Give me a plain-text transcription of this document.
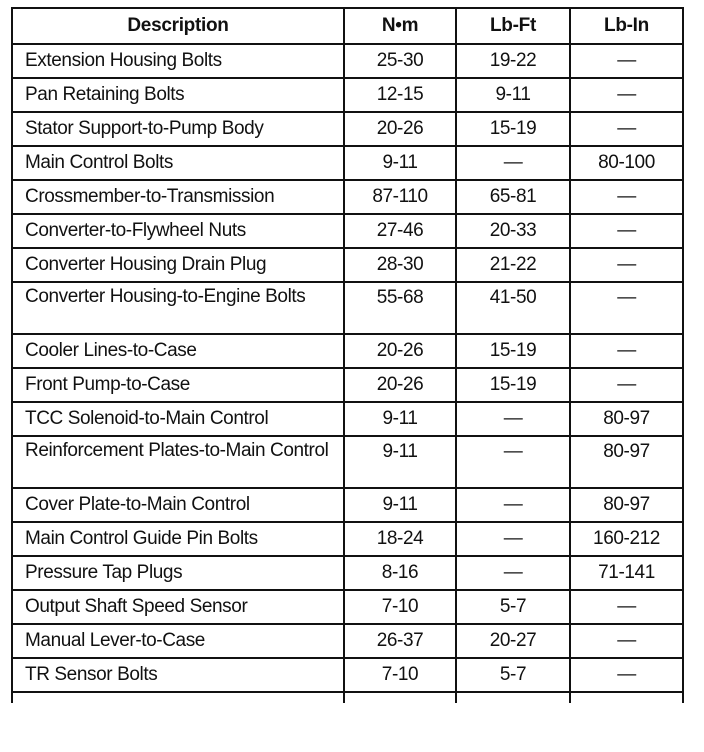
Description	N•m	Lb-Ft	Lb-In
Extension Housing Bolts	25-30	19-22	—
Pan Retaining Bolts	12-15	9-11	—
Stator Support-to-Pump Body	20-26	15-19	—
Main Control Bolts	9-11	—	80-100
Crossmember-to-Transmission	87-110	65-81	—
Converter-to-Flywheel Nuts	27-46	20-33	—
Converter Housing Drain Plug	28-30	21-22	—
Converter Housing-to-Engine Bolts	55-68	41-50	—
Cooler Lines-to-Case	20-26	15-19	—
Front Pump-to-Case	20-26	15-19	—
TCC Solenoid-to-Main Control	9-11	—	80-97
Reinforcement Plates-to-Main Control	9-11	—	80-97
Cover Plate-to-Main Control	9-11	—	80-97
Main Control Guide Pin Bolts	18-24	—	160-212
Pressure Tap Plugs	8-16	—	71-141
Output Shaft Speed Sensor	7-10	5-7	—
Manual Lever-to-Case	26-37	20-27	—
TR Sensor Bolts	7-10	5-7	—
